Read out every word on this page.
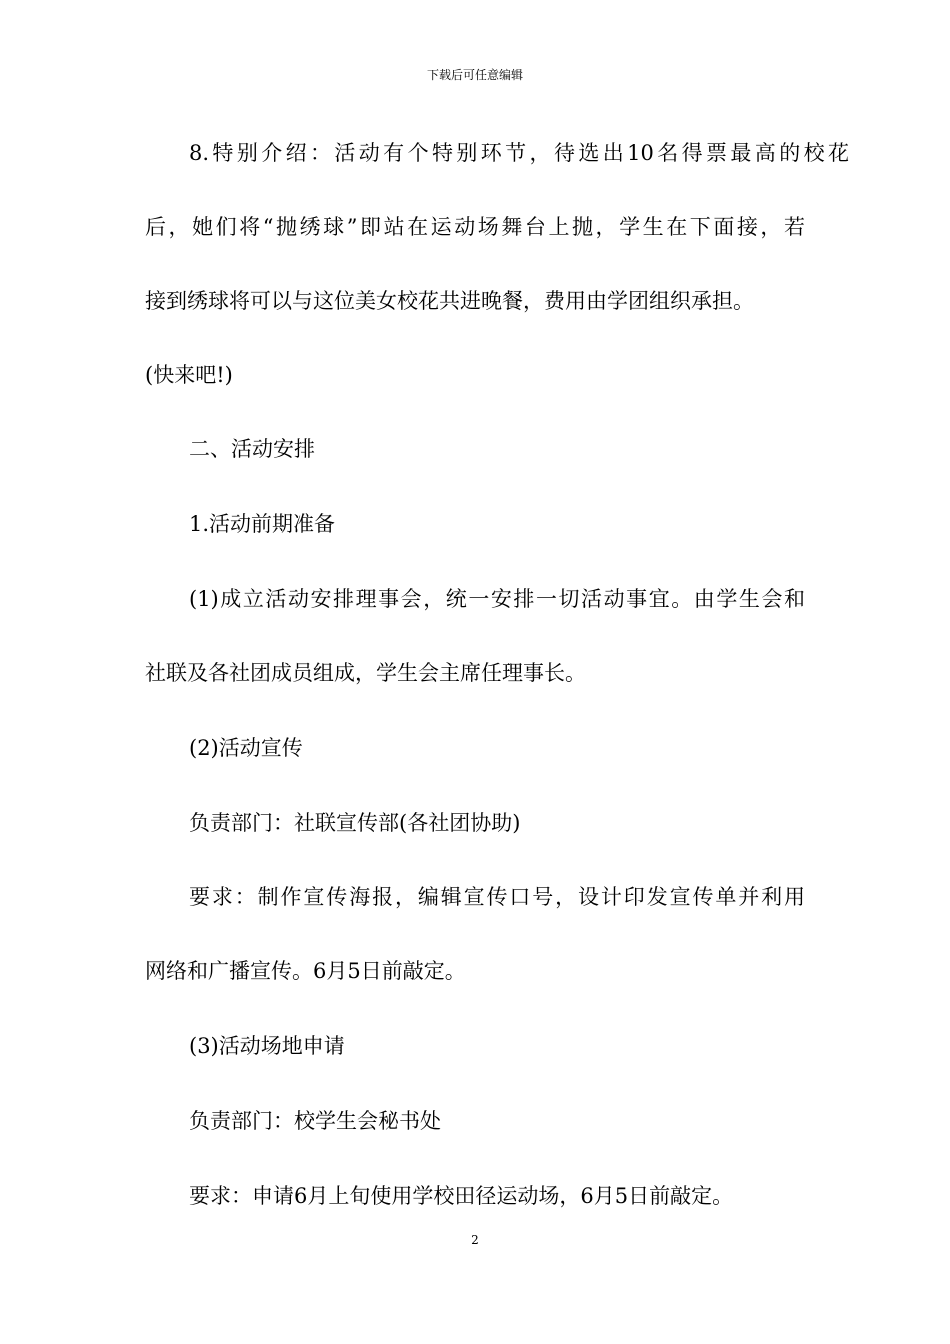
下载后可任意编辑
8.特别介绍：活动有个特别环节，待选出10名得票最高的校花
后，她们将“抛绣球”即站在运动场舞台上抛，学生在下面接，若
接到绣球将可以与这位美女校花共进晚餐，费用由学团组织承担。
(快来吧!)
二、活动安排
1.活动前期准备
(1)成立活动安排理事会，统一安排一切活动事宜。由学生会和
社联及各社团成员组成，学生会主席任理事长。
(2)活动宣传
负责部门：社联宣传部(各社团协助)
要求：制作宣传海报，编辑宣传口号，设计印发宣传单并利用
网络和广播宣传。6月5日前敲定。
(3)活动场地申请
负责部门：校学生会秘书处
要求：申请6月上旬使用学校田径运动场，6月5日前敲定。
2
